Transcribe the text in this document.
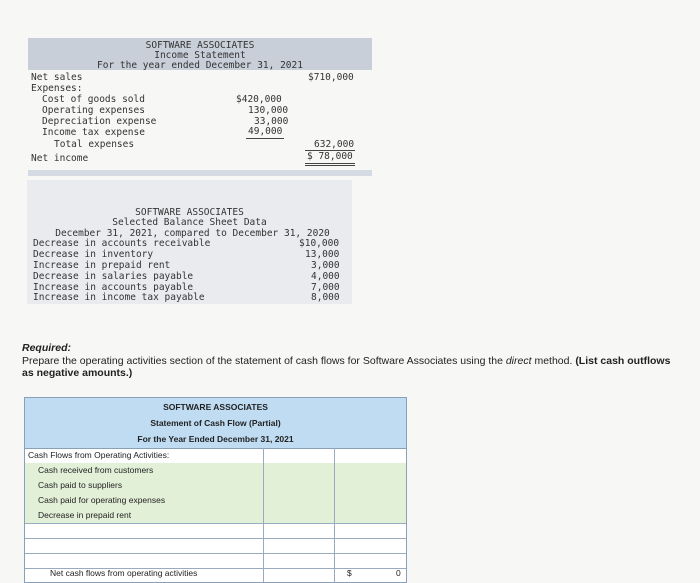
SOFTWARE ASSOCIATES
Income Statement
For the year ended December 31, 2021
Net sales	$710,000
Expenses:
Cost of goods sold	$420,000
Operating expenses	130,000
Depreciation expense	33,000
Income tax expense	49,000
Total expenses	632,000
Net income	$ 78,000
SOFTWARE ASSOCIATES
Selected Balance Sheet Data
December 31, 2021, compared to December 31, 2020
Decrease in accounts receivable	$10,000
Decrease in inventory	13,000
Increase in prepaid rent	3,000
Decrease in salaries payable	4,000
Increase in accounts payable	7,000
Increase in income tax payable	8,000
Required:
Prepare the operating activities section of the statement of cash flows for Software Associates using the direct method. (List cash outflows as negative amounts.)
SOFTWARE ASSOCIATES
Statement of Cash Flow (Partial)
For the Year Ended December 31, 2021
Cash Flows from Operating Activities:
Cash received from customers
Cash paid to suppliers
Cash paid for operating expenses
Decrease in prepaid rent
Net cash flows from operating activities	$	0
